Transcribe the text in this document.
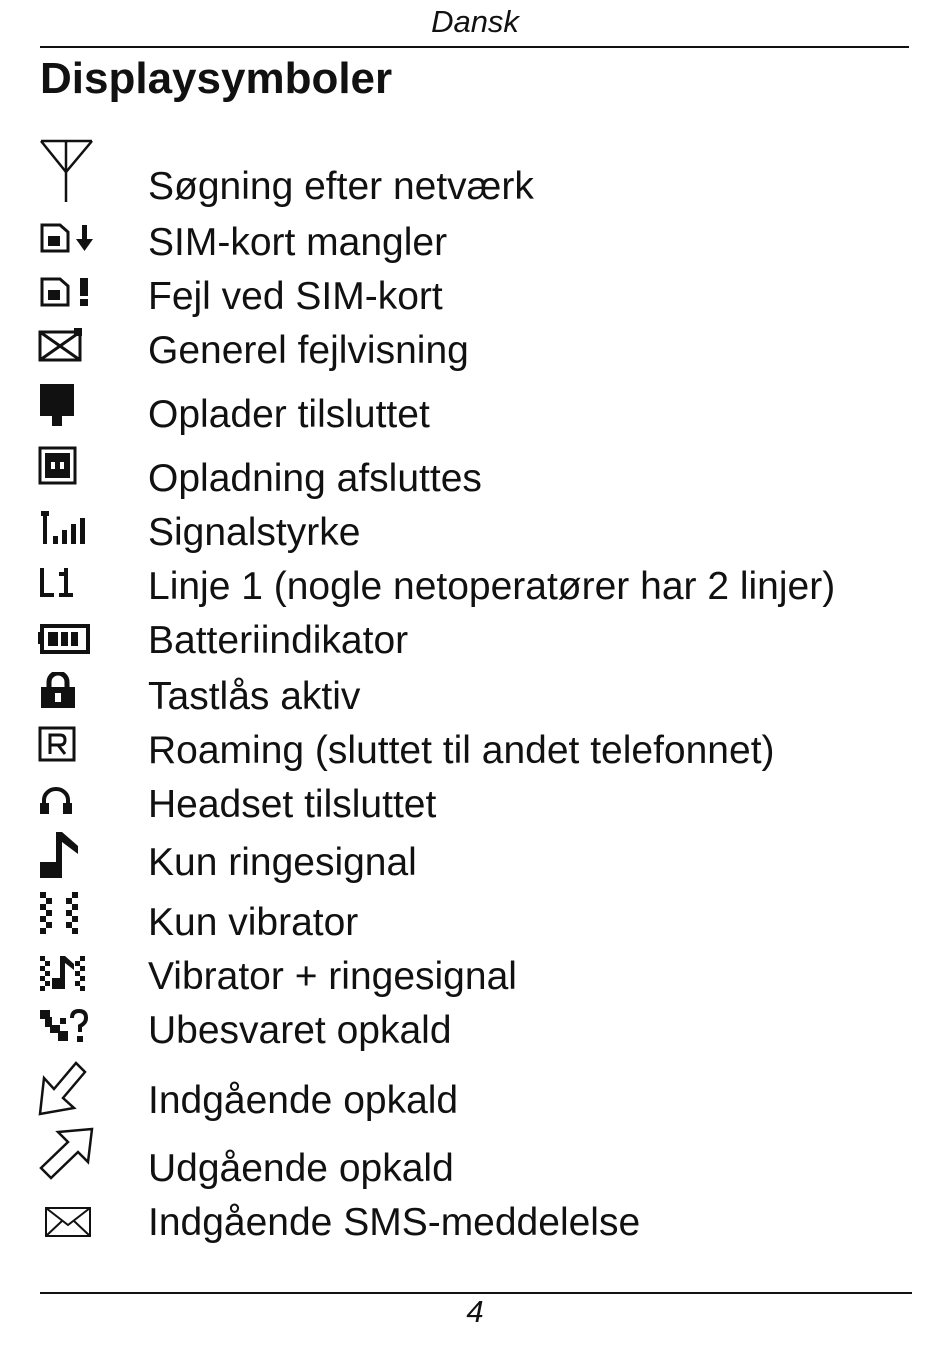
Dansk
Displaysymboler
Søgning efter netværk
SIM-kort mangler
Fejl ved SIM-kort
Generel fejlvisning
Oplader tilsluttet
Opladning afsluttes
Signalstyrke
Linje 1 (nogle netoperatører har 2 linjer)
Batteriindikator
Tastlås aktiv
Roaming (sluttet til andet telefonnet)
Headset tilsluttet
Kun ringesignal
Kun vibrator
Vibrator + ringesignal
Ubesvaret opkald
Indgående opkald
Udgående opkald
Indgående SMS-meddelelse
4
